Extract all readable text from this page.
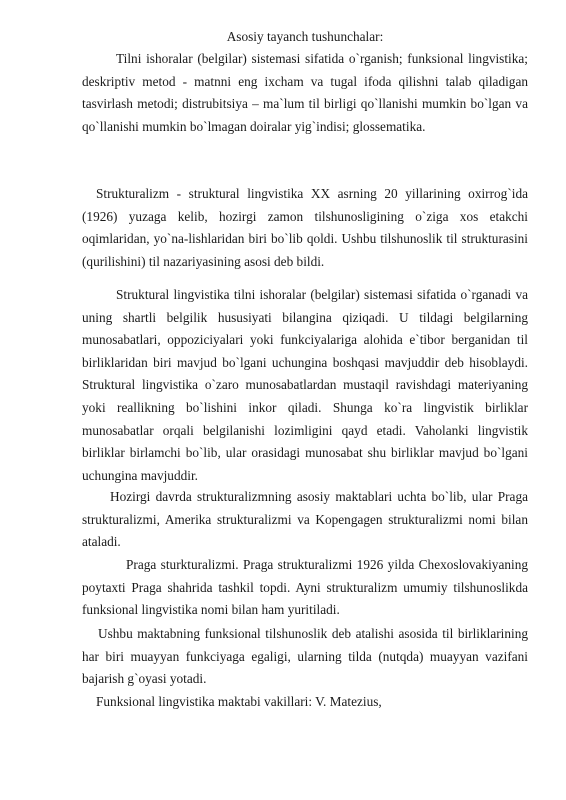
Asosiy tayanch tushunchalar:

Tilni ishoralar (belgilar) sistemasi sifatida o`rganish; funksional lingvistika; deskriptiv metod - matnni eng ixcham va tugal ifoda qilishni talab qiladigan tasvirlash metodi; distrubitsiya – ma`lum til birligi qo`llanishi mumkin bo`lgan va qo`llanishi mumkin bo`lmagan doiralar yig`indisi; glossematika.

Strukturalizm - struktural lingvistika XX asrning 20 yillarining oxirrog`ida (1926) yuzaga kelib, hozirgi zamon tilshunosligining o`ziga xos etakchi oqimlaridan, yo`na-lishlaridan biri bo`lib qoldi. Ushbu tilshunoslik til strukturasini (qurilishini) til nazariyasining asosi deb bildi.

Struktural lingvistika tilni ishoralar (belgilar) sistemasi sifatida o`rganadi va uning shartli belgilik hususiyati bilangina qiziqadi. U tildagi belgilarning munosabatlari, oppoziciyalari yoki funkciyalariga alohida e`tibor berganidan til birliklaridan biri mavjud bo`lgani uchungina boshqasi mavjuddir deb hisoblaydi. Struktural lingvistika o`zaro munosabatlardan mustaqil ravishdagi materiyaning yoki reallikning bo`lishini inkor qiladi. Shunga ko`ra lingvistik birliklar munosabatlar orqali belgilanishi lozimligini qayd etadi. Vaholanki lingvistik birliklar birlamchi bo`lib, ular orasidagi munosabat shu birliklar mavjud bo`lgani uchungina mavjuddir.

Hozirgi davrda strukturalizmning asosiy maktablari uchta bo`lib, ular Praga strukturalizmi, Amerika strukturalizmi va Kopengagen strukturalizmi nomi bilan ataladi.

Praga sturkturalizmi. Praga strukturalizmi 1926 yilda Chexoslovakiyaning poytaxti Praga shahrida tashkil topdi. Ayni strukturalizm umumiy tilshunoslikda funksional lingvistika nomi bilan ham yuritiladi.

Ushbu maktabning funksional tilshunoslik deb atalishi asosida til birliklarining har biri muayyan funkciyaga egaligi, ularning tilda (nutqda) muayyan vazifani bajarish g`oyasi yotadi.

Funksional lingvistika maktabi vakillari: V. Matezius,
